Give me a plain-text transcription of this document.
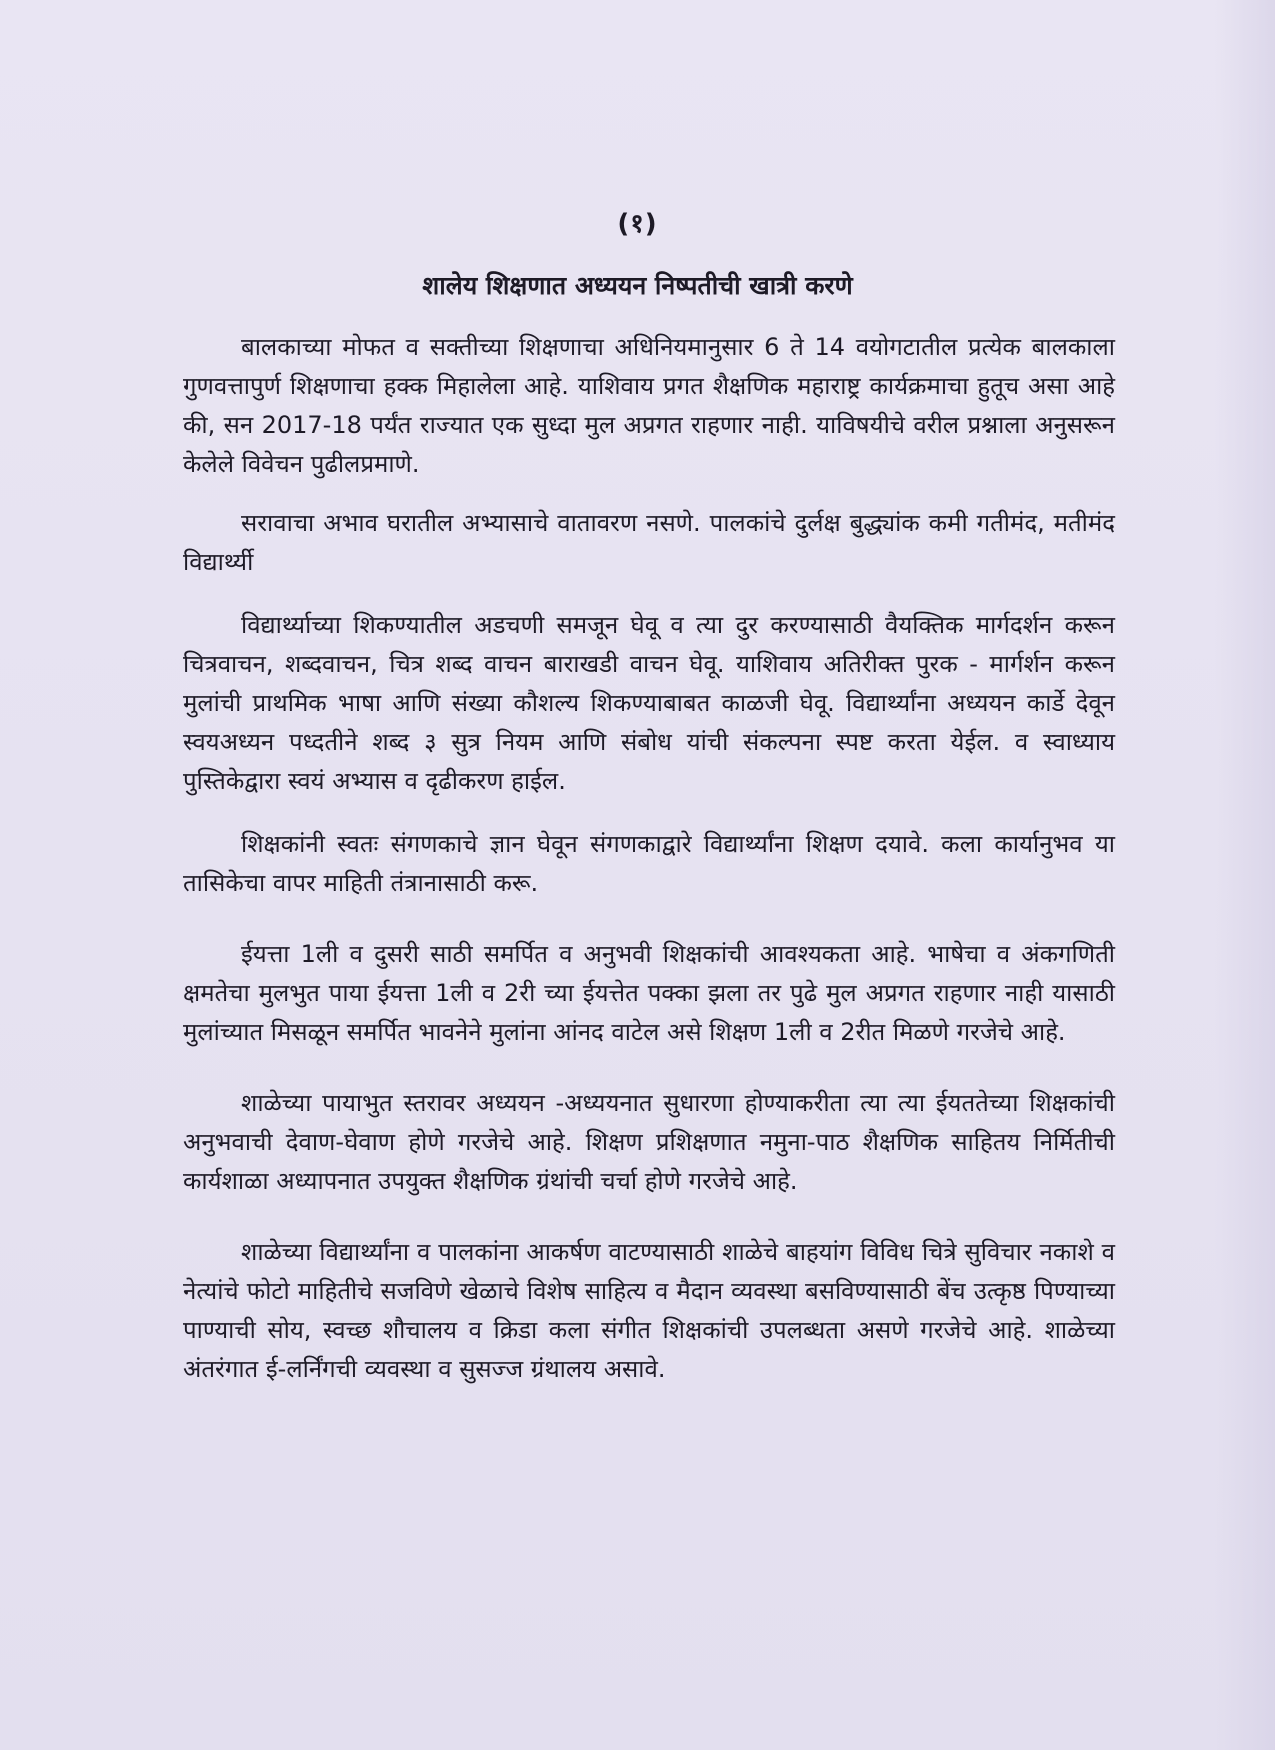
(१)
शालेय शिक्षणात अध्ययन निष्पतीची खात्री करणे

बालकाच्या मोफत व सक्तीच्या शिक्षणाचा अधिनियमानुसार 6 ते 14 वयोगटातील प्रत्येक बालकाला गुणवत्तापुर्ण शिक्षणाचा हक्क मिहालेला आहे. याशिवाय प्रगत शैक्षणिक महाराष्ट्र कार्यक्रमाचा हुतूच असा आहे की, सन 2017-18 पर्यंत राज्यात एक सुध्दा मुल अप्रगत राहणार नाही. याविषयीचे वरील प्रश्नाला अनुसरून केलेले विवेचन पुढीलप्रमाणे.

सरावाचा अभाव घरातील अभ्यासाचे वातावरण नसणे. पालकांचे दुर्लक्ष बुद्ध्यांक कमी गतीमंद, मतीमंद विद्यार्थ्यी

विद्यार्थ्याच्या शिकण्यातील अडचणी समजून घेवू व त्या दुर करण्यासाठी वैयक्तिक मार्गदर्शन करून चित्रवाचन, शब्दवाचन, चित्र शब्द वाचन बाराखडी वाचन घेवू. याशिवाय अतिरीक्त पुरक - मार्गर्शन करून मुलांची प्राथमिक भाषा आणि संख्या कौशल्य शिकण्याबाबत काळजी घेवू. विद्यार्थ्यांना अध्ययन कार्डे देवून स्वयअध्यन पध्दतीने शब्द ३ सुत्र नियम आणि संबोध यांची संकल्पना स्पष्ट करता येईल. व स्वाध्याय पुस्तिकेद्वारा स्वयं अभ्यास व दृढीकरण हाईल.

शिक्षकांनी स्वतः संगणकाचे ज्ञान घेवून संगणकाद्वारे विद्यार्थ्यांना शिक्षण दयावे. कला कार्यानुभव या तासिकेचा वापर माहिती तंत्रानासाठी करू.

ईयत्ता 1ली व दुसरी साठी समर्पित व अनुभवी शिक्षकांची आवश्यकता आहे. भाषेचा व अंकगणिती क्षमतेचा मुलभुत पाया ईयत्ता 1ली व 2री च्या ईयत्तेत पक्का झला तर पुढे मुल अप्रगत राहणार नाही यासाठी मुलांच्यात मिसळून समर्पित भावनेने मुलांना आंनद वाटेल असे शिक्षण 1ली व 2रीत मिळणे गरजेचे आहे.

शाळेच्या पायाभुत स्तरावर अध्ययन -अध्ययनात सुधारणा होण्याकरीता त्या त्या ईयततेच्या शिक्षकांची अनुभवाची देवाण-घेवाण होणे गरजेचे आहे. शिक्षण प्रशिक्षणात नमुना-पाठ शैक्षणिक साहितय निर्मितीची कार्यशाळा अध्यापनात उपयुक्त शैक्षणिक ग्रंथांची चर्चा होणे गरजेचे आहे.

शाळेच्या विद्यार्थ्यांना व पालकांना आकर्षण वाटण्यासाठी शाळेचे बाहयांग विविध चित्रे सुविचार नकाशे व नेत्यांचे फोटो माहितीचे सजविणे खेळाचे विशेष साहित्य व मैदान व्यवस्था बसविण्यासाठी बेंच उत्कृष्ठ पिण्याच्या पाण्याची सोय, स्वच्छ शौचालय व क्रिडा कला संगीत शिक्षकांची उपलब्धता असणे गरजेचे आहे. शाळेच्या अंतरंगात ई-लर्निंगची व्यवस्था व सुसज्ज ग्रंथालय असावे.
